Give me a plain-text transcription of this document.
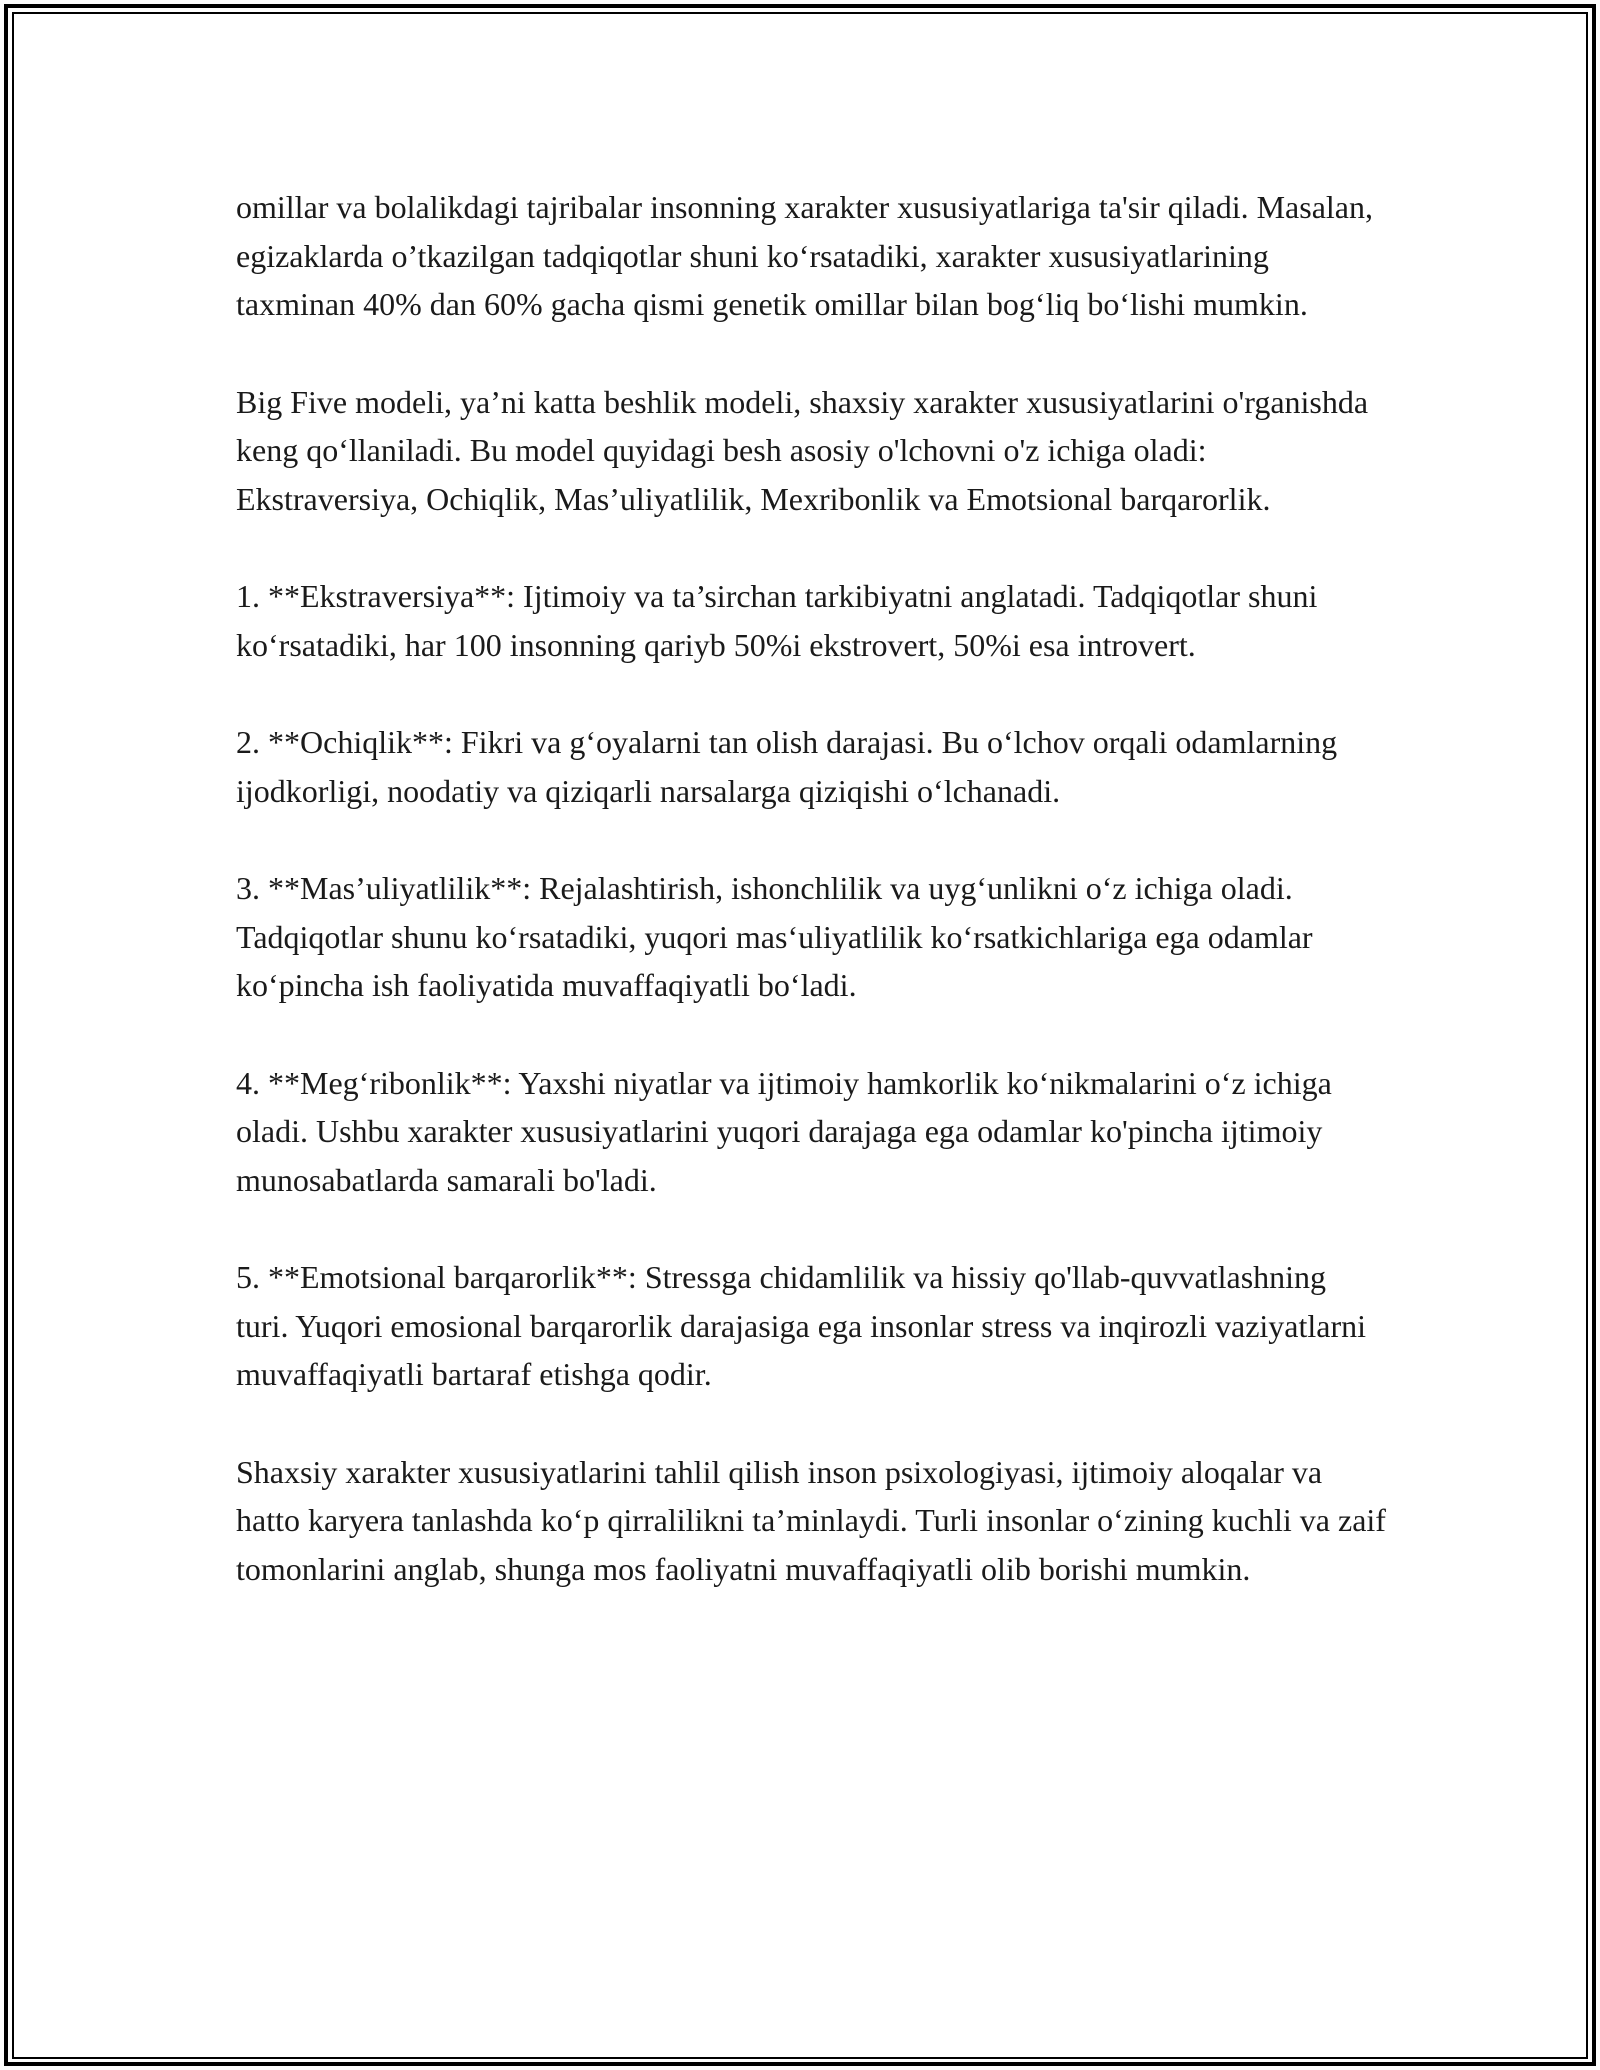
omillar va bolalikdagi tajribalar insonning xarakter xususiyatlariga ta'sir qiladi. Masalan, egizaklarda o’tkazilgan tadqiqotlar shuni koʻrsatadiki, xarakter xususiyatlarining taxminan 40% dan 60% gacha qismi genetik omillar bilan bogʻliq boʻlishi mumkin.

Big Five modeli, ya’ni katta beshlik modeli, shaxsiy xarakter xususiyatlarini o'rganishda keng qoʻllaniladi. Bu model quyidagi besh asosiy o'lchovni o'z ichiga oladi: Ekstraversiya, Ochiqlik, Mas’uliyatlilik, Mexribonlik va Emotsional barqarorlik.

1. **Ekstraversiya**: Ijtimoiy va ta’sirchan tarkibiyatni anglatadi. Tadqiqotlar shuni koʻrsatadiki, har 100 insonning qariyb 50%i ekstrovert, 50%i esa introvert.

2. **Ochiqlik**: Fikri va gʻoyalarni tan olish darajasi. Bu oʻlchov orqali odamlarning ijodkorligi, noodatiy va qiziqarli narsalarga qiziqishi oʻlchanadi.

3. **Mas’uliyatlilik**: Rejalashtirish, ishonchlilik va uygʻunlikni oʻz ichiga oladi. Tadqiqotlar shunu koʻrsatadiki, yuqori masʻuliyatlilik koʻrsatkichlariga ega odamlar koʻpincha ish faoliyatida muvaffaqiyatli boʻladi.

4. **Megʻribonlik**: Yaxshi niyatlar va ijtimoiy hamkorlik koʻnikmalarini oʻz ichiga oladi. Ushbu xarakter xususiyatlarini yuqori darajaga ega odamlar ko'pincha ijtimoiy munosabatlarda samarali bo'ladi.

5. **Emotsional barqarorlik**: Stressga chidamlilik va hissiy qo'llab-quvvatlashning turi. Yuqori emosional barqarorlik darajasiga ega insonlar stress va inqirozli vaziyatlarni muvaffaqiyatli bartaraf etishga qodir.

Shaxsiy xarakter xususiyatlarini tahlil qilish inson psixologiyasi, ijtimoiy aloqalar va hatto karyera tanlashda koʻp qirralilikni taʼminlaydi. Turli insonlar oʻzining kuchli va zaif tomonlarini anglab, shunga mos faoliyatni muvaffaqiyatli olib borishi mumkin.
